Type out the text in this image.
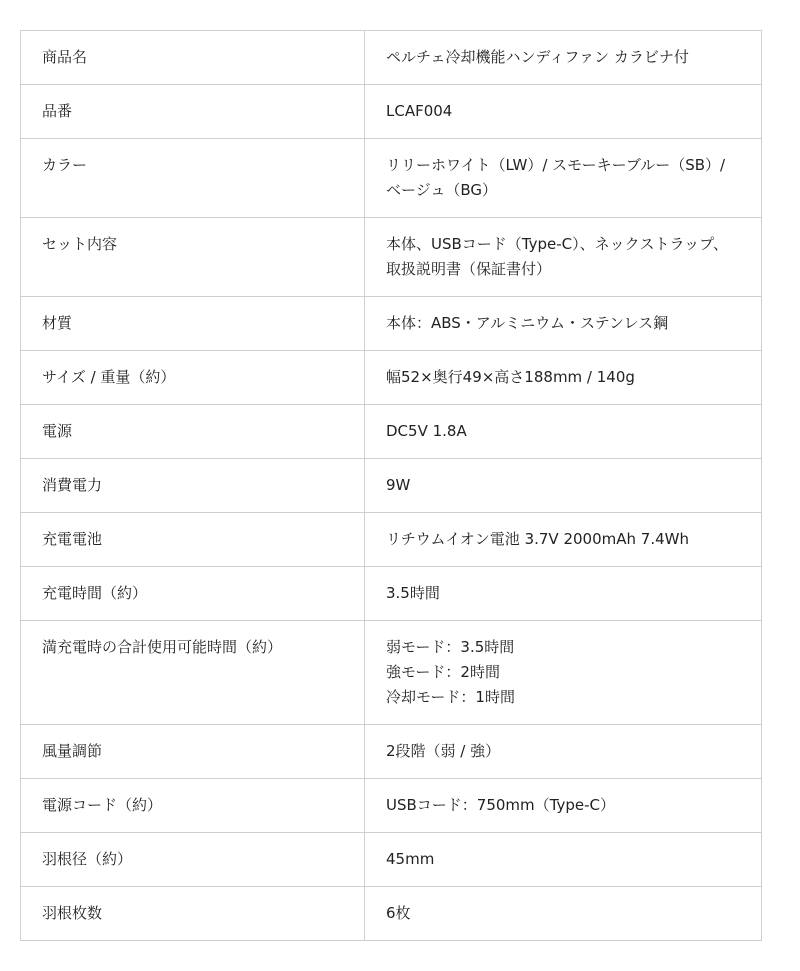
商品名	ペルチェ冷却機能ハンディファン カラビナ付
品番	LCAF004
カラー	リリーホワイト（LW）/ スモーキーブルー（SB）/
ベージュ（BG）
セット内容	本体、USBコード（Type-C）、ネックストラップ、
取扱説明書（保証書付）
材質	本体：ABS・アルミニウム・ステンレス鋼
サイズ / 重量（約）	幅52×奥行49×高さ188mm / 140g
電源	DC5V 1.8A
消費電力	9W
充電電池	リチウムイオン電池 3.7V 2000mAh 7.4Wh
充電時間（約）	3.5時間
満充電時の合計使用可能時間（約）	弱モード：3.5時間
強モード：2時間
冷却モード：1時間
風量調節	2段階（弱 / 強）
電源コード（約）	USBコード：750mm（Type-C）
羽根径（約）	45mm
羽根枚数	6枚
